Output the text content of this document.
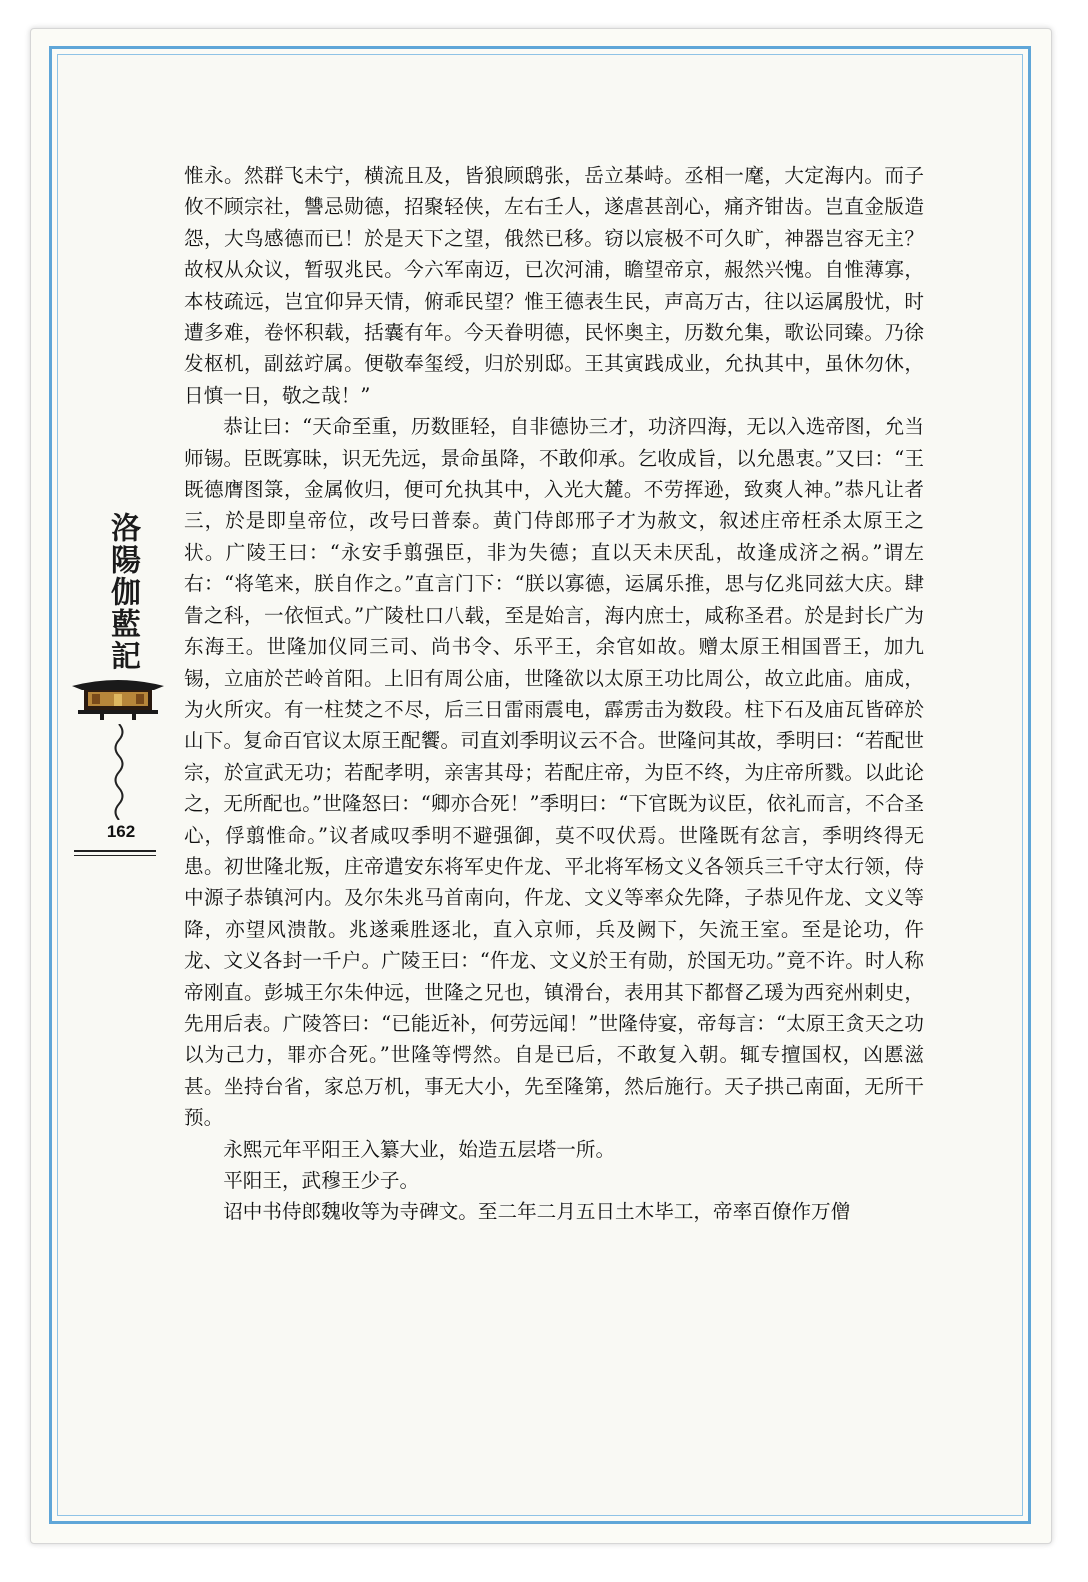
洛陽伽藍記
162

惟永。然群飞未宁，横流且及，皆狼顾鸱张，岳立棊峙。丞相一麾，大定海内。而子攸不顾宗社，讐忌勋德，招聚轻侠，左右壬人，遂虐甚剖心，痛齐钳齿。岂直金版造怨，大鸟感德而已！於是天下之望，俄然已移。窃以宸极不可久旷，神器岂容无主？故权从众议，暂驭兆民。今六军南迈，已次河浦，瞻望帝京，赧然兴愧。自惟薄寡，本枝疏远，岂宜仰异天情，俯乖民望？惟王德表生民，声高万古，往以运属殷忧，时遭多难，卷怀积载，括囊有年。今天眷明德，民怀奥主，历数允集，歌讼同臻。乃徐发枢机，副兹竚属。便敬奉玺绶，归於别邸。王其寅践成业，允执其中，虽休勿休，日慎一日，敬之哉！”

恭让曰：“天命至重，历数匪轻，自非德协三才，功济四海，无以入选帝图，允当师锡。臣既寡昧，识无先远，景命虽降，不敢仰承。乞收成旨，以允愚衷。”又曰：“王既德膺图箓，金属攸归，便可允执其中，入光大麓。不劳挥逊，致爽人神。”恭凡让者三，於是即皇帝位，改号曰普泰。黄门侍郎邢子才为赦文，叙述庄帝枉杀太原王之状。广陵王曰：“永安手翦强臣，非为失德；直以天未厌乱，故逢成济之祸。”谓左右：“将笔来，朕自作之。”直言门下：“朕以寡德，运属乐推，思与亿兆同兹大庆。肆眚之科，一依恒式。”广陵杜口八载，至是始言，海内庶士，咸称圣君。於是封长广为东海王。世隆加仪同三司、尚书令、乐平王，余官如故。赠太原王相国晋王，加九锡，立庙於芒岭首阳。上旧有周公庙，世隆欲以太原王功比周公，故立此庙。庙成，为火所灾。有一柱焚之不尽，后三日雷雨震电，霹雳击为数段。柱下石及庙瓦皆碎於山下。复命百官议太原王配饗。司直刘季明议云不合。世隆问其故，季明曰：“若配世宗，於宣武无功；若配孝明，亲害其母；若配庄帝，为臣不终，为庄帝所戮。以此论之，无所配也。”世隆怒曰：“卿亦合死！”季明曰：“下官既为议臣，依礼而言，不合圣心，俘翦惟命。”议者咸叹季明不避强御，莫不叹伏焉。世隆既有忿言，季明终得无患。初世隆北叛，庄帝遣安东将军史仵龙、平北将军杨文义各领兵三千守太行领，侍中源子恭镇河内。及尔朱兆马首南向，仵龙、文义等率众先降，子恭见仵龙、文义等降，亦望风溃散。兆遂乘胜逐北，直入京师，兵及阙下，矢流王室。至是论功，仵龙、文义各封一千户。广陵王曰：“仵龙、文义於王有勋，於国无功。”竟不许。时人称帝刚直。彭城王尔朱仲远，世隆之兄也，镇滑台，表用其下都督乙瑗为西兖州刺史，先用后表。广陵答曰：“已能近补，何劳远闻！”世隆侍宴，帝每言：“太原王贪天之功以为己力，罪亦合死。”世隆等愕然。自是已后，不敢复入朝。辄专擅国权，凶慝滋甚。坐持台省，家总万机，事无大小，先至隆第，然后施行。天子拱己南面，无所干预。

永熙元年平阳王入纂大业，始造五层塔一所。

平阳王，武穆王少子。

诏中书侍郎魏收等为寺碑文。至二年二月五日土木毕工，帝率百僚作万僧
